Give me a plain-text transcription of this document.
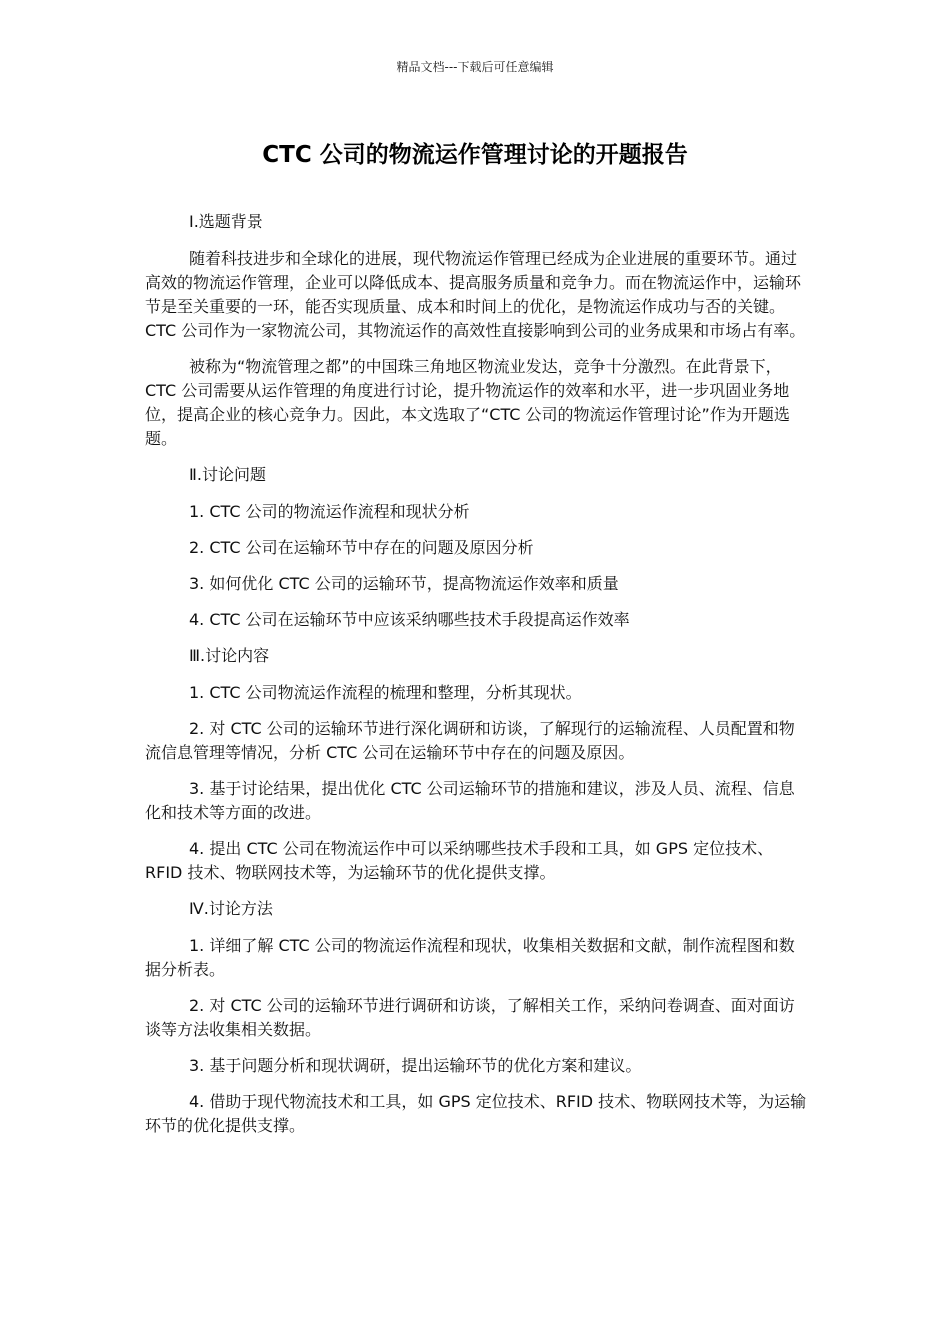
精品文档---下载后可任意编辑
CTC 公司的物流运作管理讨论的开题报告

Ⅰ.选题背景

随着科技进步和全球化的进展，现代物流运作管理已经成为企业进展的重要环节。通过高效的物流运作管理，企业可以降低成本、提高服务质量和竞争力。而在物流运作中，运输环节是至关重要的一环，能否实现质量、成本和时间上的优化，是物流运作成功与否的关键。CTC 公司作为一家物流公司，其物流运作的高效性直接影响到公司的业务成果和市场占有率。

被称为“物流管理之都”的中国珠三角地区物流业发达，竞争十分激烈。在此背景下，CTC 公司需要从运作管理的角度进行讨论，提升物流运作的效率和水平，进一步巩固业务地位，提高企业的核心竞争力。因此，本文选取了“CTC 公司的物流运作管理讨论”作为开题选题。

Ⅱ.讨论问题

1. CTC 公司的物流运作流程和现状分析

2. CTC 公司在运输环节中存在的问题及原因分析

3. 如何优化 CTC 公司的运输环节，提高物流运作效率和质量

4. CTC 公司在运输环节中应该采纳哪些技术手段提高运作效率

Ⅲ.讨论内容

1. CTC 公司物流运作流程的梳理和整理，分析其现状。

2. 对 CTC 公司的运输环节进行深化调研和访谈，了解现行的运输流程、人员配置和物流信息管理等情况，分析 CTC 公司在运输环节中存在的问题及原因。

3. 基于讨论结果，提出优化 CTC 公司运输环节的措施和建议，涉及人员、流程、信息化和技术等方面的改进。

4. 提出 CTC 公司在物流运作中可以采纳哪些技术手段和工具，如 GPS 定位技术、RFID 技术、物联网技术等，为运输环节的优化提供支撑。

Ⅳ.讨论方法

1. 详细了解 CTC 公司的物流运作流程和现状，收集相关数据和文献，制作流程图和数据分析表。

2. 对 CTC 公司的运输环节进行调研和访谈，了解相关工作，采纳问卷调查、面对面访谈等方法收集相关数据。

3. 基于问题分析和现状调研，提出运输环节的优化方案和建议。

4. 借助于现代物流技术和工具，如 GPS 定位技术、RFID 技术、物联网技术等，为运输环节的优化提供支撑。
